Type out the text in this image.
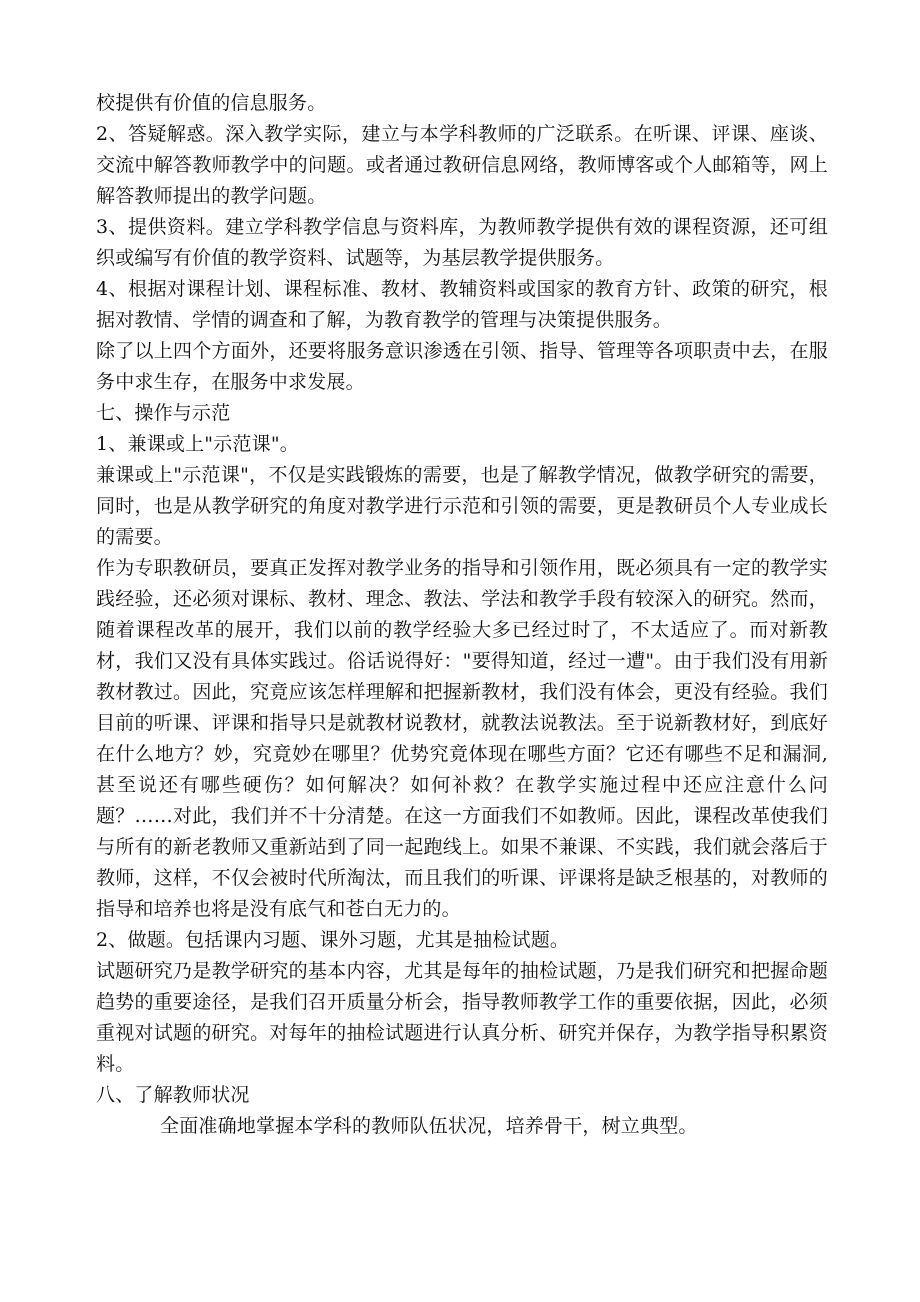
校提供有价值的信息服务。

2、答疑解惑。深入教学实际，建立与本学科教师的广泛联系。在听课、评课、座谈、交流中解答教师教学中的问题。或者通过教研信息网络，教师博客或个人邮箱等，网上解答教师提出的教学问题。

3、提供资料。建立学科教学信息与资料库，为教师教学提供有效的课程资源，还可组织或编写有价值的教学资料、试题等，为基层教学提供服务。

4、根据对课程计划、课程标准、教材、教辅资料或国家的教育方针、政策的研究，根据对教情、学情的调查和了解，为教育教学的管理与决策提供服务。

除了以上四个方面外，还要将服务意识渗透在引领、指导、管理等各项职责中去，在服务中求生存，在服务中求发展。

七、操作与示范

1、兼课或上"示范课"。

兼课或上"示范课"，不仅是实践锻炼的需要，也是了解教学情况，做教学研究的需要，同时，也是从教学研究的角度对教学进行示范和引领的需要，更是教研员个人专业成长的需要。

作为专职教研员，要真正发挥对教学业务的指导和引领作用，既必须具有一定的教学实践经验，还必须对课标、教材、理念、教法、学法和教学手段有较深入的研究。然而，随着课程改革的展开，我们以前的教学经验大多已经过时了，不太适应了。而对新教材，我们又没有具体实践过。俗话说得好："要得知道，经过一遭"。由于我们没有用新教材教过。因此，究竟应该怎样理解和把握新教材，我们没有体会，更没有经验。我们目前的听课、评课和指导只是就教材说教材，就教法说教法。至于说新教材好，到底好在什么地方？妙，究竟妙在哪里？优势究竟体现在哪些方面？它还有哪些不足和漏洞,甚至说还有哪些硬伤？如何解决？如何补救？在教学实施过程中还应注意什么问题？……对此，我们并不十分清楚。在这一方面我们不如教师。因此，课程改革使我们与所有的新老教师又重新站到了同一起跑线上。如果不兼课、不实践，我们就会落后于教师，这样，不仅会被时代所淘汰，而且我们的听课、评课将是缺乏根基的，对教师的指导和培养也将是没有底气和苍白无力的。

2、做题。包括课内习题、课外习题，尤其是抽检试题。

试题研究乃是教学研究的基本内容，尤其是每年的抽检试题，乃是我们研究和把握命题趋势的重要途径，是我们召开质量分析会，指导教师教学工作的重要依据，因此，必须重视对试题的研究。对每年的抽检试题进行认真分析、研究并保存，为教学指导积累资料。

八、了解教师状况

全面准确地掌握本学科的教师队伍状况，培养骨干，树立典型。
